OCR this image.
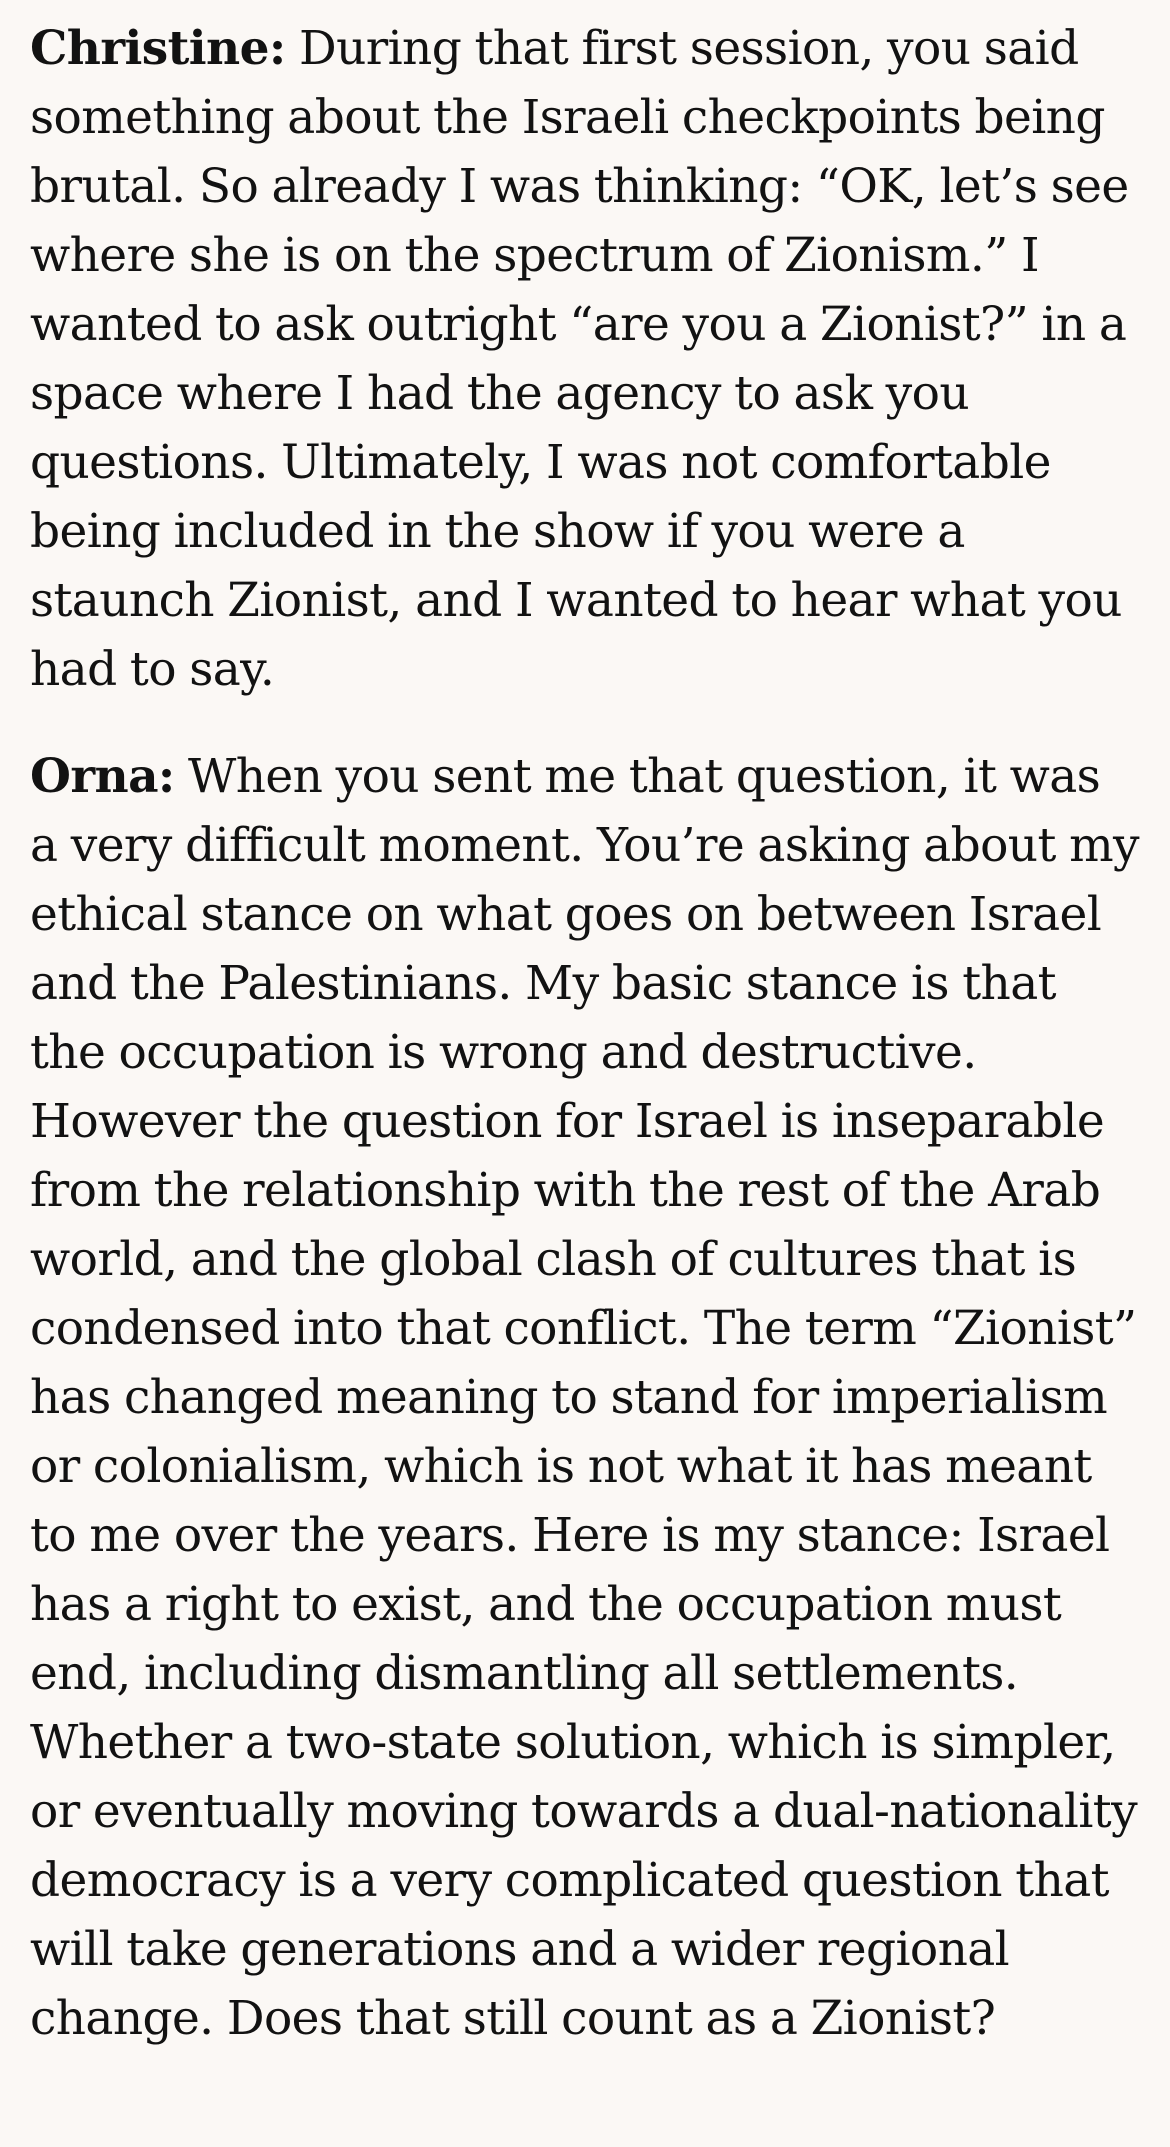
Christine: During that first session, you said something about the Israeli checkpoints being brutal. So already I was thinking: “OK, let’s see where she is on the spectrum of Zionism.” I wanted to ask outright “are you a Zionist?” in a space where I had the agency to ask you questions. Ultimately, I was not comfortable being included in the show if you were a staunch Zionist, and I wanted to hear what you had to say.

Orna: When you sent me that question, it was a very difficult moment. You’re asking about my ethical stance on what goes on between Israel and the Palestinians. My basic stance is that the occupation is wrong and destructive. However the question for Israel is inseparable from the relationship with the rest of the Arab world, and the global clash of cultures that is condensed into that conflict. The term “Zionist” has changed meaning to stand for imperialism or colonialism, which is not what it has meant to me over the years. Here is my stance: Israel has a right to exist, and the occupation must end, including dismantling all settlements. Whether a two-state solution, which is simpler, or eventually moving towards a dual-nationality democracy is a very complicated question that will take generations and a wider regional change. Does that still count as a Zionist?
